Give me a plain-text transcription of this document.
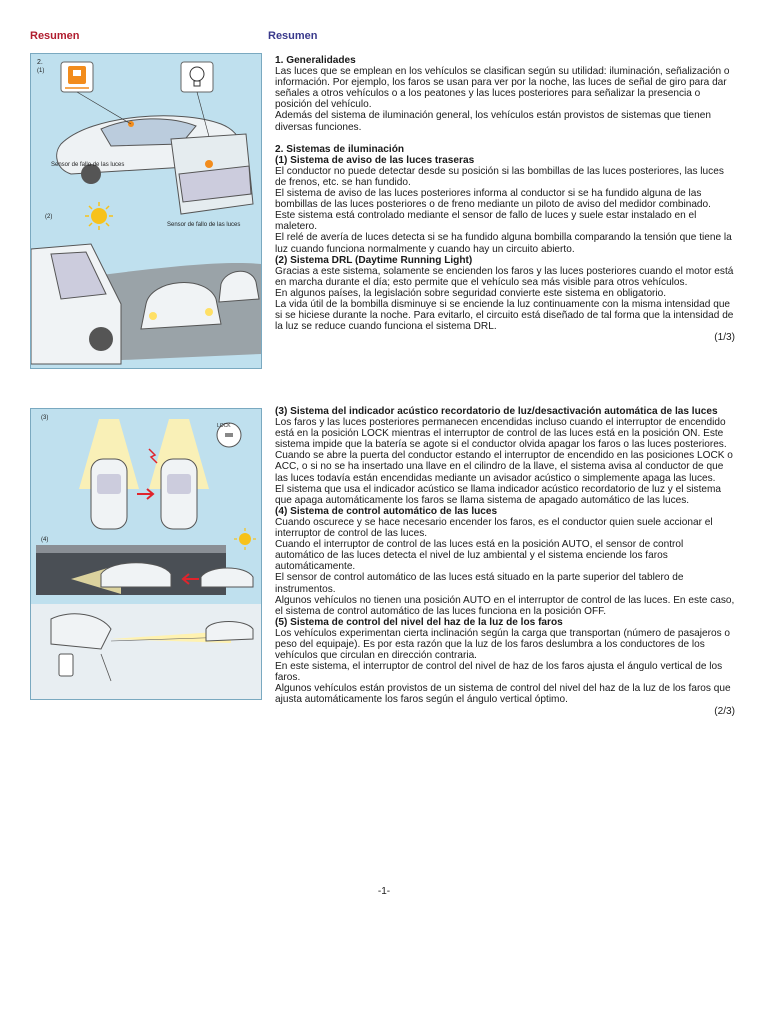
Resumen	Resumen
2.
(1)
Sensor de fallo de las luces
Sensor de fallo de las luces
(2)

1. Generalidades

Las luces que se emplean en los vehículos se clasifican según su utilidad: iluminación, señalización o información. Por ejemplo, los faros se usan para ver por la noche, las luces de señal de giro para dar señales a otros vehículos o a los peatones y las luces posteriores para señalizar la presencia o posición del vehículo.

Además del sistema de iluminación general, los vehículos están provistos de sistemas que tienen diversas funciones.

2. Sistemas de iluminación

(1) Sistema de aviso de las luces traseras

El conductor no puede detectar desde su posición si las bombillas de las luces posteriores, las luces de frenos, etc. se han fundido.

El sistema de aviso de las luces posteriores informa al conductor si se ha fundido alguna de las bombillas de las luces posteriores o de freno mediante un piloto de aviso del medidor combinado.

Este sistema está controlado mediante el sensor de fallo de luces y suele estar instalado en el maletero.

El relé de avería de luces detecta si se ha fundido alguna bombilla comparando la tensión que tiene la luz cuando funciona normalmente y cuando hay un circuito abierto.

(2) Sistema DRL (Daytime Running Light)

Gracias a este sistema, solamente se encienden los faros y las luces posteriores cuando el motor está en marcha durante el día; esto permite que el vehículo sea más visible para otros vehículos.

En algunos países, la legislación sobre seguridad convierte este sistema en obligatorio.

La vida útil de la bombilla disminuye si se enciende la luz continuamente con la misma intensidad que si se hiciese durante la noche. Para evitarlo, el circuito está diseñado de tal forma que la intensidad de la luz se reduce cuando funciona el sistema DRL.

(1/3)

(3)
LOCK
(4)

(3) Sistema del indicador acústico recordatorio de luz/desactivación automática de las luces

Los faros y las luces posteriores permanecen encendidas incluso cuando el interruptor de encendido está en la posición LOCK mientras el interruptor de control de las luces está en la posición ON. Este sistema impide que la batería se agote si el conductor olvida apagar los faros o las luces posteriores. Cuando se abre la puerta del conductor estando el interruptor de encendido en las posiciones LOCK o ACC, o si no se ha insertado una llave en el cilindro de la llave, el sistema avisa al conductor de que las luces todavía están encendidas mediante un avisador acústico o simplemente apaga las luces.

El sistema que usa el indicador acústico se llama indicador acústico recordatorio de luz y el sistema que apaga automáticamente los faros se llama sistema de apagado automático de las luces.

(4) Sistema de control automático de las luces

Cuando oscurece y se hace necesario encender los faros, es el conductor quien suele accionar el interruptor de control de las luces.

Cuando el interruptor de control de las luces está en la posición AUTO, el sensor de control automático de las luces detecta el nivel de luz ambiental y el sistema enciende los faros automáticamente.

El sensor de control automático de las luces está situado en la parte superior del tablero de instrumentos.

Algunos vehículos no tienen una posición AUTO en el interruptor de control de las luces. En este caso, el sistema de control automático de las luces funciona en la posición OFF.

(5) Sistema de control del nivel del haz de la luz de los faros

Los vehículos experimentan cierta inclinación según la carga que transportan (número de pasajeros o peso del equipaje). Es por esta razón que la luz de los faros deslumbra a los conductores de los vehículos que circulan en dirección contraria.

En este sistema, el interruptor de control del nivel de haz de los faros ajusta el ángulo vertical de los faros.

Algunos vehículos están provistos de un sistema de control del nivel del haz de la luz de los faros que ajusta automáticamente los faros según el ángulo vertical óptimo.

(2/3)

-1-
